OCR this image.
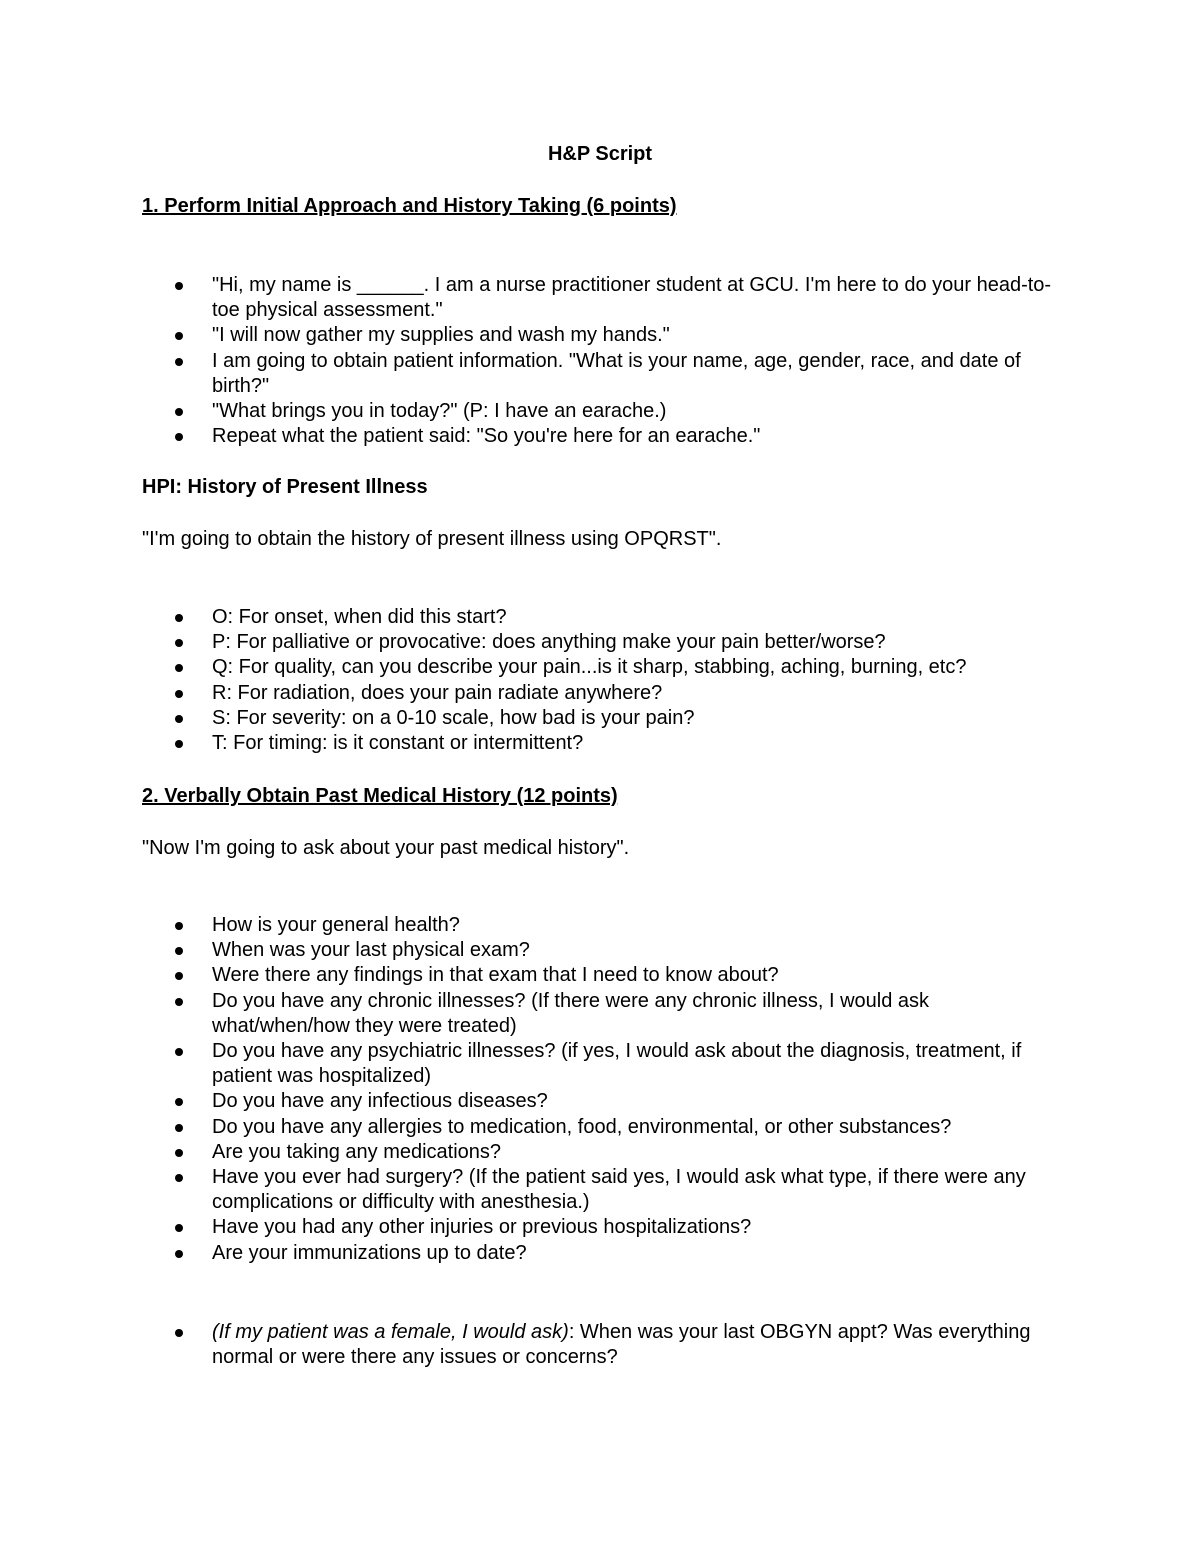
H&P Script
1. Perform Initial Approach and History Taking (6 points)
"Hi, my name is ______. I am a nurse practitioner student at GCU. I'm here to do your head-to-toe physical assessment."
"I will now gather my supplies and wash my hands."
I am going to obtain patient information. "What is your name, age, gender, race, and date of birth?"
"What brings you in today?" (P: I have an earache.)
Repeat what the patient said: "So you're here for an earache."
HPI: History of Present Illness
"I'm going to obtain the history of present illness using OPQRST".
O: For onset, when did this start?
P: For palliative or provocative: does anything make your pain better/worse?
Q: For quality, can you describe your pain...is it sharp, stabbing, aching, burning, etc?
R: For radiation, does your pain radiate anywhere?
S: For severity: on a 0-10 scale, how bad is your pain?
T: For timing: is it constant or intermittent?
2. Verbally Obtain Past Medical History (12 points)
"Now I'm going to ask about your past medical history".
How is your general health?
When was your last physical exam?
Were there any findings in that exam that I need to know about?
Do you have any chronic illnesses? (If there were any chronic illness, I would ask what/when/how they were treated)
Do you have any psychiatric illnesses? (if yes, I would ask about the diagnosis, treatment, if patient was hospitalized)
Do you have any infectious diseases?
Do you have any allergies to medication, food, environmental, or other substances?
Are you taking any medications?
Have you ever had surgery? (If the patient said yes, I would ask what type, if there were any complications or difficulty with anesthesia.)
Have you had any other injuries or previous hospitalizations?
Are your immunizations up to date?
(If my patient was a female, I would ask): When was your last OBGYN appt? Was everything normal or were there any issues or concerns?
